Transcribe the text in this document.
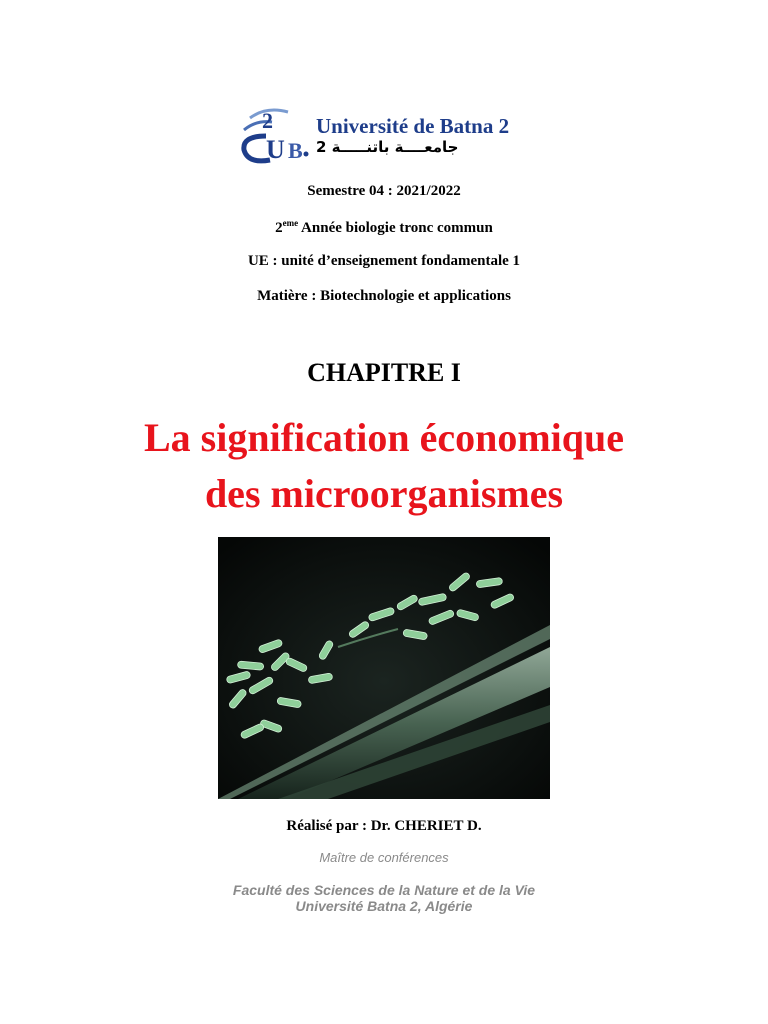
2
U B
Université de Batna 2
جامعــــة باتنـــــة 2
Semestre 04 : 2021/2022
2eme Année biologie tronc commun
UE : unité d’enseignement fondamentale 1
Matière : Biotechnologie et applications
CHAPITRE I
La signification économique
des microorganismes
Réalisé par : Dr. CHERIET D.
Maître de conférences
Faculté des Sciences de la Nature et de la Vie
Université Batna 2, Algérie
